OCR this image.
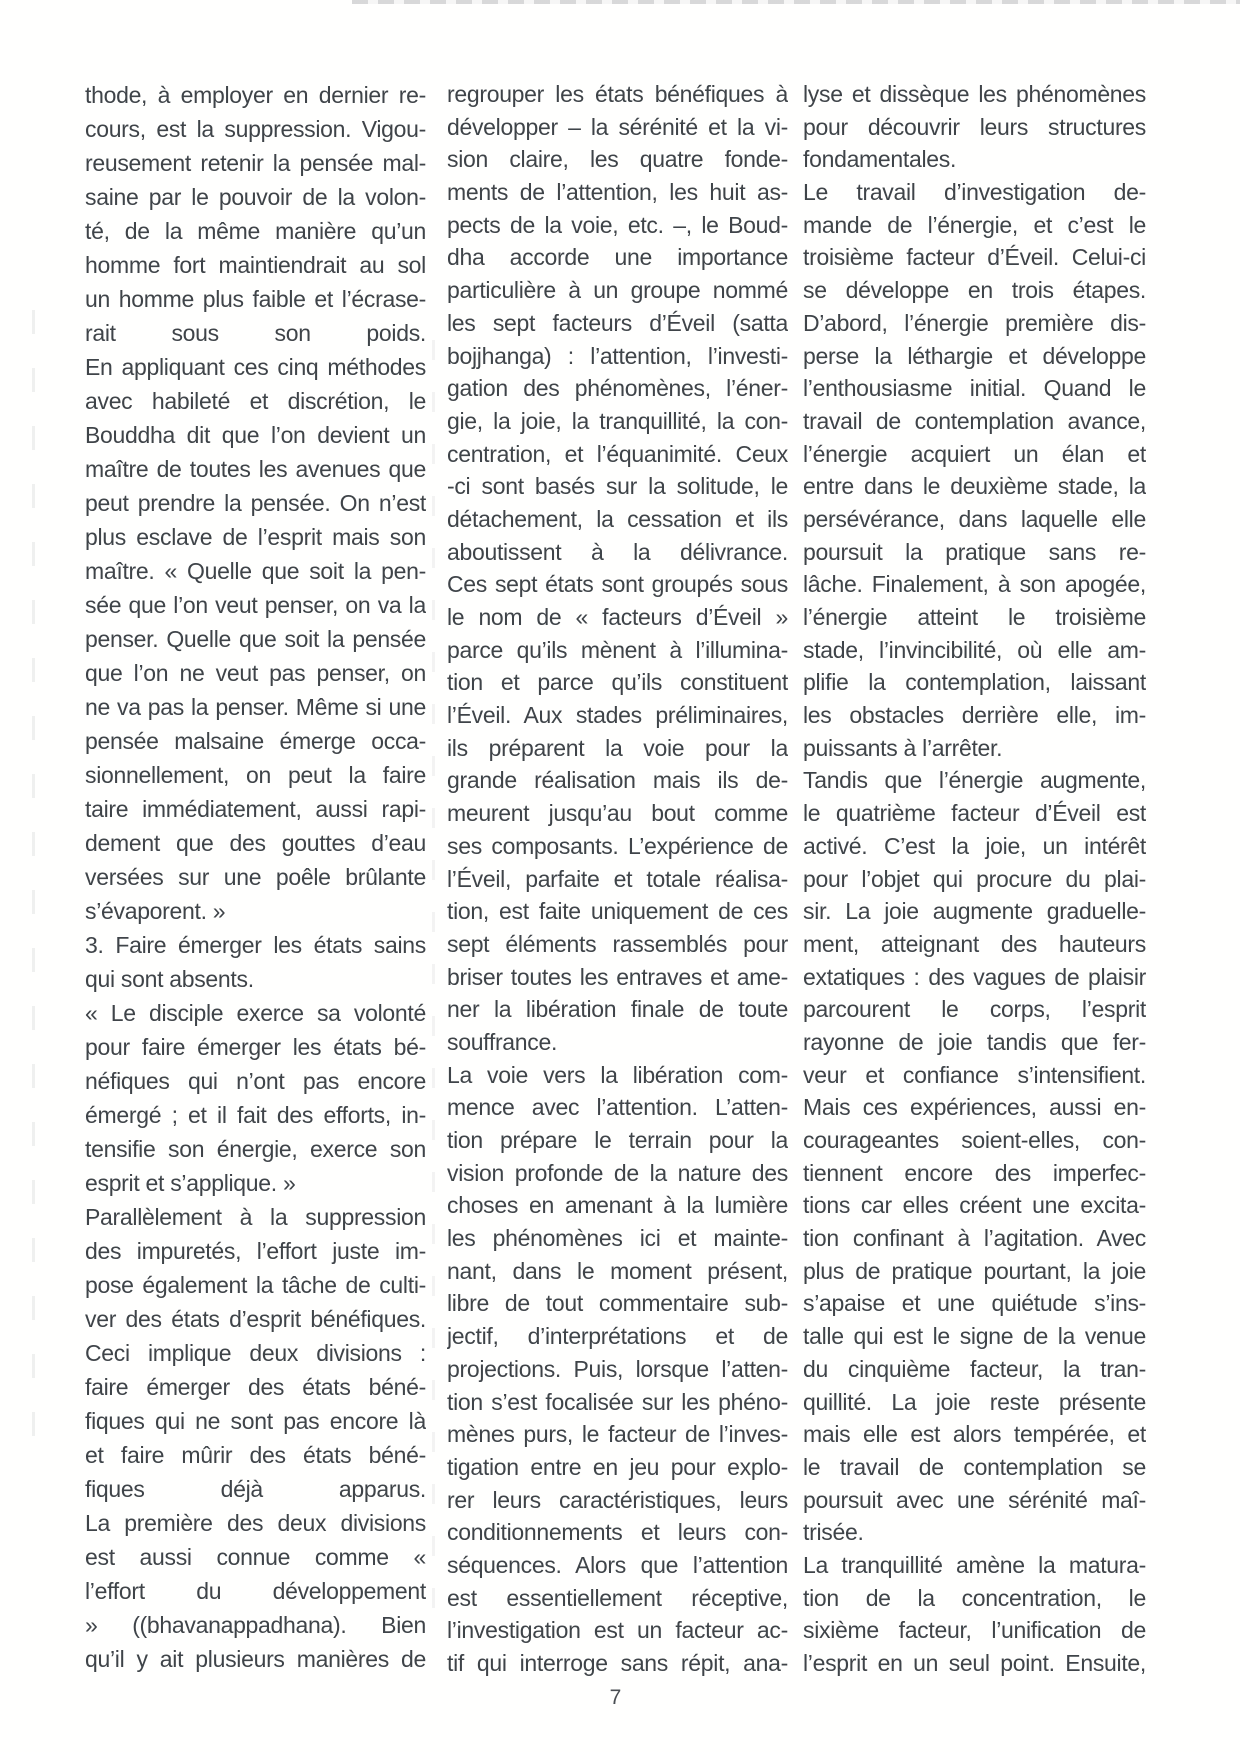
thode, à employer en dernier re-
cours, est la suppression. Vigou-
reusement retenir la pensée mal-
saine par le pouvoir de la volon-
té, de la même manière qu’un
homme fort maintiendrait au sol
un homme plus faible et l’écrase-
rait sous son poids.
En appliquant ces cinq méthodes
avec habileté et discrétion, le
Bouddha dit que l’on devient un
maître de toutes les avenues que
peut prendre la pensée. On n’est
plus esclave de l’esprit mais son
maître. « Quelle que soit la pen-
sée que l’on veut penser, on va la
penser. Quelle que soit la pensée
que l’on ne veut pas penser, on
ne va pas la penser. Même si une
pensée malsaine émerge occa-
sionnellement, on peut la faire
taire immédiatement, aussi rapi-
dement que des gouttes d’eau
versées sur une poêle brûlante
s’évaporent. »
3. Faire émerger les états sains
qui sont absents.
« Le disciple exerce sa volonté
pour faire émerger les états bé-
néfiques qui n’ont pas encore
émergé ; et il fait des efforts, in-
tensifie son énergie, exerce son
esprit et s’applique. »
Parallèlement à la suppression
des impuretés, l’effort juste im-
pose également la tâche de culti-
ver des états d’esprit bénéfiques.
Ceci implique deux divisions :
faire émerger des états béné-
fiques qui ne sont pas encore là
et faire mûrir des états béné-
fiques déjà apparus.
La première des deux divisions
est aussi connue comme «
l’effort du développement
» ((bhavanappadhana). Bien
qu’il y ait plusieurs manières de
regrouper les états bénéfiques à
développer – la sérénité et la vi-
sion claire, les quatre fonde-
ments de l’attention, les huit as-
pects de la voie, etc. –, le Boud-
dha accorde une importance
particulière à un groupe nommé
les sept facteurs d’Éveil (satta
bojjhanga) : l’attention, l’investi-
gation des phénomènes, l’éner-
gie, la joie, la tranquillité, la con-
centration, et l’équanimité. Ceux
-ci sont basés sur la solitude, le
détachement, la cessation et ils
aboutissent à la délivrance.
Ces sept états sont groupés sous
le nom de « facteurs d’Éveil »
parce qu’ils mènent à l’illumina-
tion et parce qu’ils constituent
l’Éveil. Aux stades préliminaires,
ils préparent la voie pour la
grande réalisation mais ils de-
meurent jusqu’au bout comme
ses composants. L’expérience de
l’Éveil, parfaite et totale réalisa-
tion, est faite uniquement de ces
sept éléments rassemblés pour
briser toutes les entraves et ame-
ner la libération finale de toute
souffrance.
La voie vers la libération com-
mence avec l’attention. L’atten-
tion prépare le terrain pour la
vision profonde de la nature des
choses en amenant à la lumière
les phénomènes ici et mainte-
nant, dans le moment présent,
libre de tout commentaire sub-
jectif, d’interprétations et de
projections. Puis, lorsque l’atten-
tion s’est focalisée sur les phéno-
mènes purs, le facteur de l’inves-
tigation entre en jeu pour explo-
rer leurs caractéristiques, leurs
conditionnements et leurs con-
séquences. Alors que l’attention
est essentiellement réceptive,
l’investigation est un facteur ac-
tif qui interroge sans répit, ana-
lyse et dissèque les phénomènes
pour découvrir leurs structures
fondamentales.
Le travail d’investigation de-
mande de l’énergie, et c’est le
troisième facteur d’Éveil. Celui-ci
se développe en trois étapes.
D’abord, l’énergie première dis-
perse la léthargie et développe
l’enthousiasme initial. Quand le
travail de contemplation avance,
l’énergie acquiert un élan et
entre dans le deuxième stade, la
persévérance, dans laquelle elle
poursuit la pratique sans re-
lâche. Finalement, à son apogée,
l’énergie atteint le troisième
stade, l’invincibilité, où elle am-
plifie la contemplation, laissant
les obstacles derrière elle, im-
puissants à l’arrêter.
Tandis que l’énergie augmente,
le quatrième facteur d’Éveil est
activé. C’est la joie, un intérêt
pour l’objet qui procure du plai-
sir. La joie augmente graduelle-
ment, atteignant des hauteurs
extatiques : des vagues de plaisir
parcourent le corps, l’esprit
rayonne de joie tandis que fer-
veur et confiance s’intensifient.
Mais ces expériences, aussi en-
courageantes soient-elles, con-
tiennent encore des imperfec-
tions car elles créent une excita-
tion confinant à l’agitation. Avec
plus de pratique pourtant, la joie
s’apaise et une quiétude s’ins-
talle qui est le signe de la venue
du cinquième facteur, la tran-
quillité. La joie reste présente
mais elle est alors tempérée, et
le travail de contemplation se
poursuit avec une sérénité maî-
trisée.
La tranquillité amène la matura-
tion de la concentration, le
sixième facteur, l’unification de
l’esprit en un seul point. Ensuite,
7
